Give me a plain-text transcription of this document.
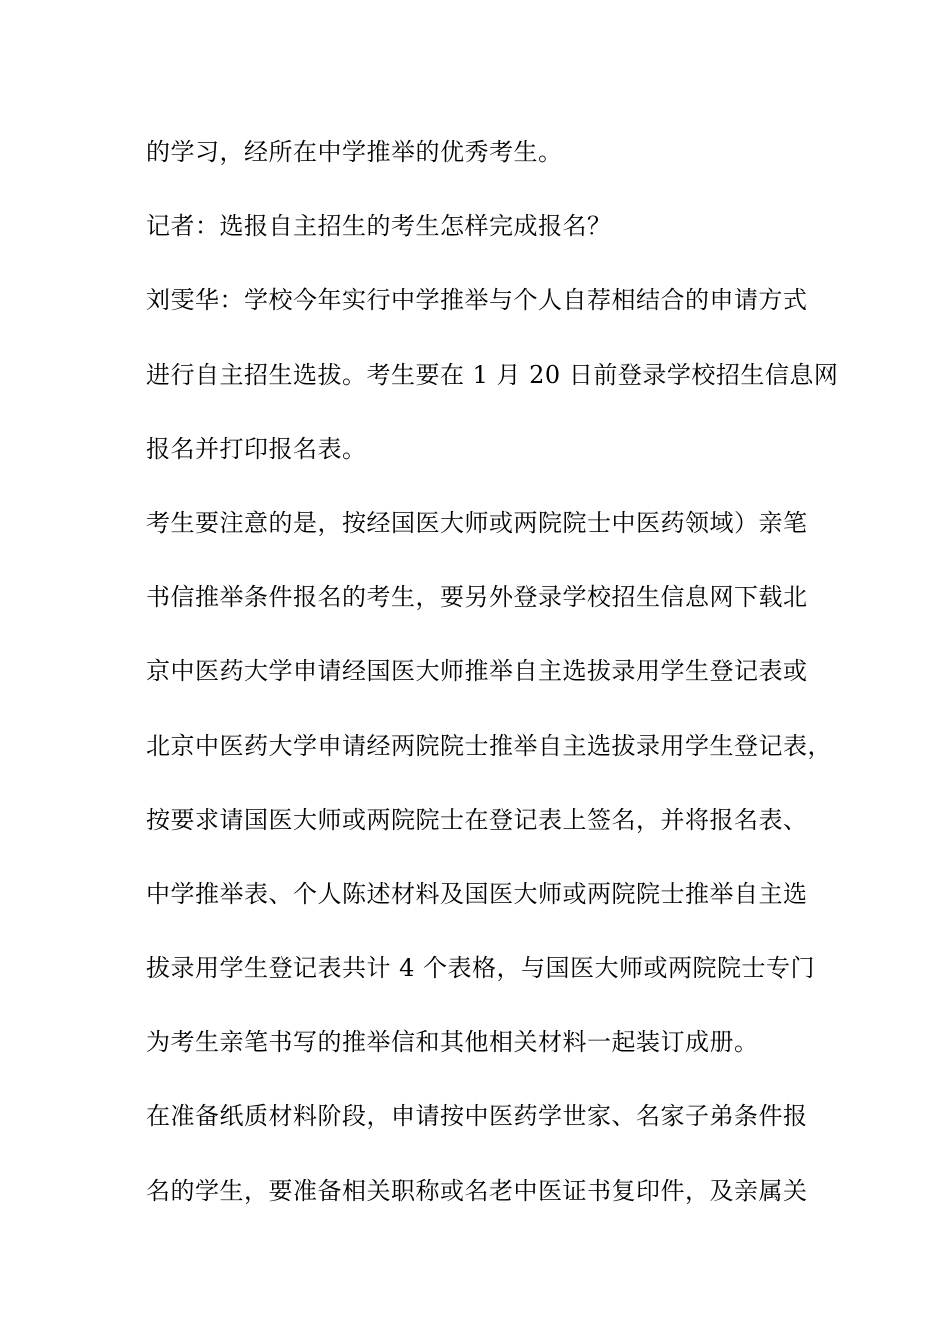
的学习，经所在中学推举的优秀考生。
记者：选报自主招生的考生怎样完成报名？
刘雯华：学校今年实行中学推举与个人自荐相结合的申请方式
进行自主招生选拔。考生要在 1 月 20 日前登录学校招生信息网
报名并打印报名表。
考生要注意的是，按经国医大师或两院院士中医药领域）亲笔
书信推举条件报名的考生，要另外登录学校招生信息网下载北
京中医药大学申请经国医大师推举自主选拔录用学生登记表或
北京中医药大学申请经两院院士推举自主选拔录用学生登记表，
按要求请国医大师或两院院士在登记表上签名，并将报名表、
中学推举表、个人陈述材料及国医大师或两院院士推举自主选
拔录用学生登记表共计 4 个表格，与国医大师或两院院士专门
为考生亲笔书写的推举信和其他相关材料一起装订成册。
在准备纸质材料阶段，申请按中医药学世家、名家子弟条件报
名的学生，要准备相关职称或名老中医证书复印件，及亲属关
